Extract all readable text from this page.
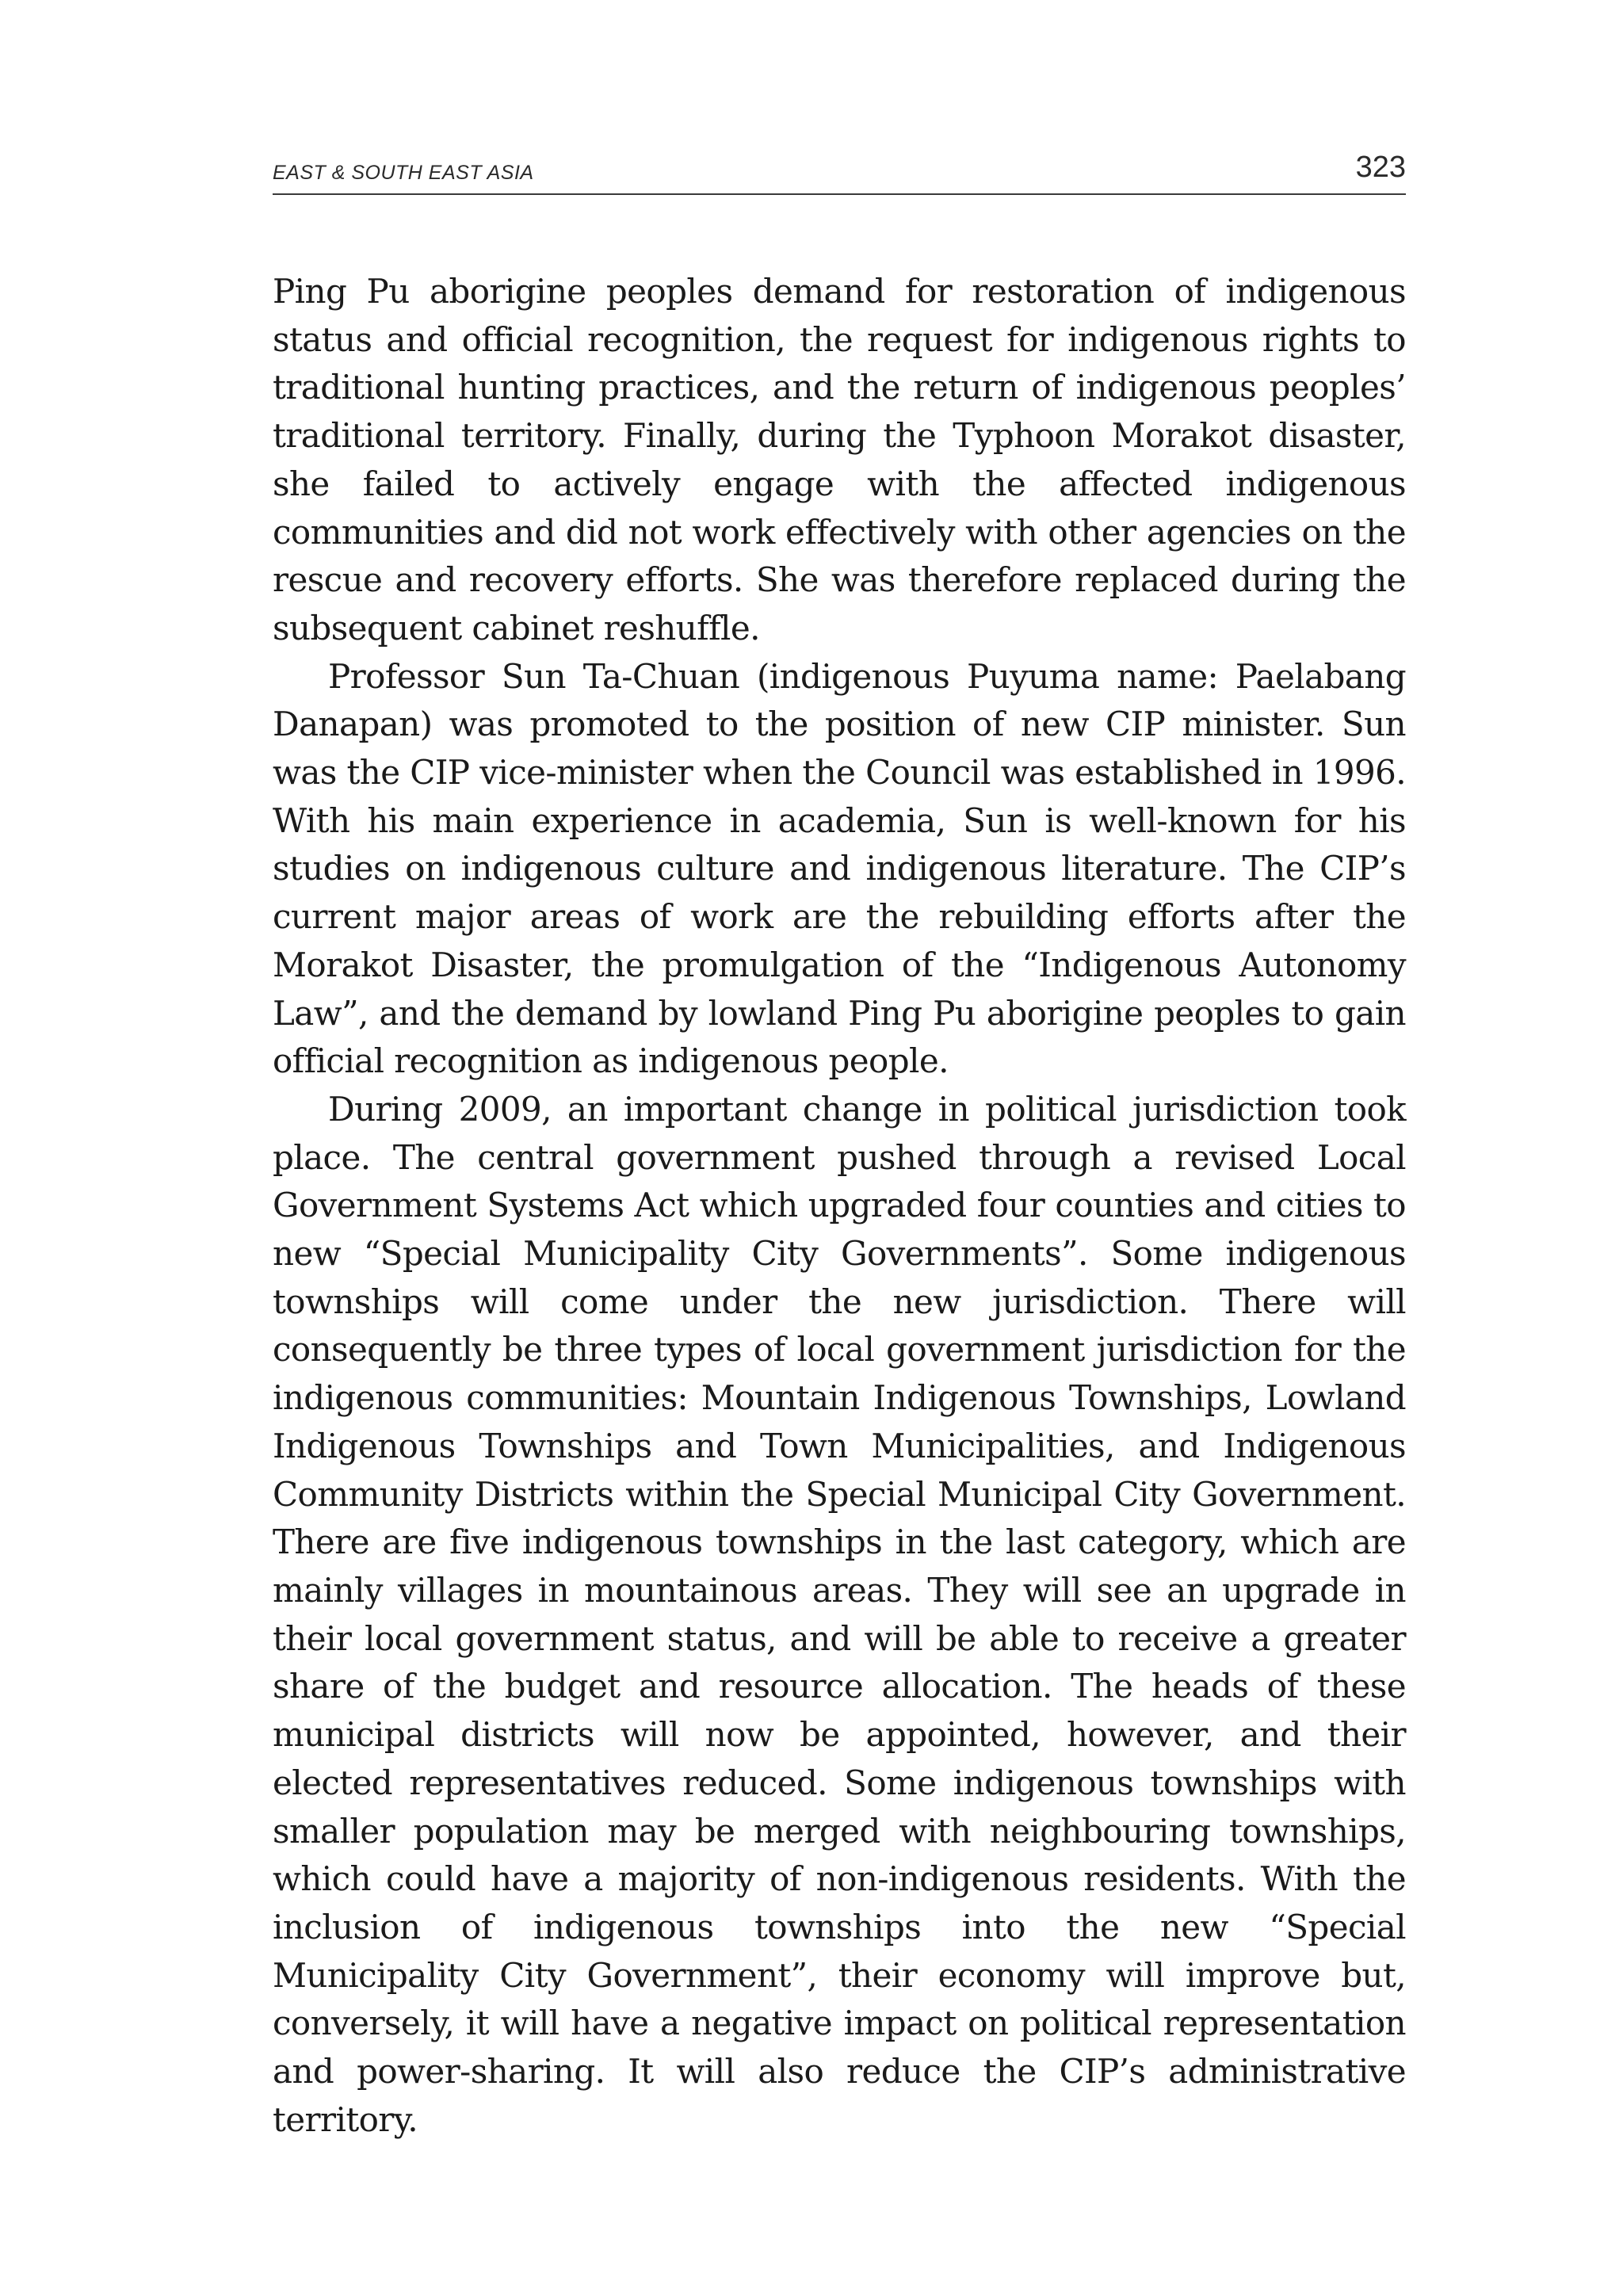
EAST & SOUTH EAST ASIA	323

Ping Pu aborigine peoples demand for restoration of indigenous status and official recognition, the request for indigenous rights to traditional hunting practices, and the return of indigenous peoples’ traditional territory. Finally, during the Typhoon Morakot disaster, she failed to actively engage with the affected indigenous communities and did not work effectively with other agencies on the rescue and recovery efforts. She was therefore replaced during the subsequent cabinet reshuffle.

Professor Sun Ta-Chuan (indigenous Puyuma name: Paelabang Danapan) was promoted to the position of new CIP minister. Sun was the CIP vice-minister when the Council was established in 1996. With his main experience in academia, Sun is well-known for his studies on indigenous culture and indigenous literature. The CIP’s current major areas of work are the rebuilding efforts after the Morakot Disaster, the promulgation of the “Indigenous Autonomy Law”, and the demand by lowland Ping Pu aborigine peoples to gain official recognition as indigenous people.

During 2009, an important change in political jurisdiction took place. The central government pushed through a revised Local Government Systems Act which upgraded four counties and cities to new “Special Municipality City Governments”. Some indigenous townships will come under the new jurisdiction. There will consequently be three types of local government jurisdiction for the indigenous communities: Mountain Indigenous Townships, Lowland Indigenous Townships and Town Municipalities, and Indigenous Community Districts within the Special Municipal City Government. There are five indigenous townships in the last category, which are mainly villages in mountainous areas. They will see an upgrade in their local government status, and will be able to receive a greater share of the budget and resource allocation. The heads of these municipal districts will now be appointed, however, and their elected representatives reduced. Some indigenous townships with smaller population may be merged with neighbouring townships, which could have a majority of non-indigenous residents. With the inclusion of indigenous townships into the new “Special Municipality City Government”, their economy will improve but, conversely, it will have a negative impact on political representation and power-sharing. It will also reduce the CIP’s administrative territory.
